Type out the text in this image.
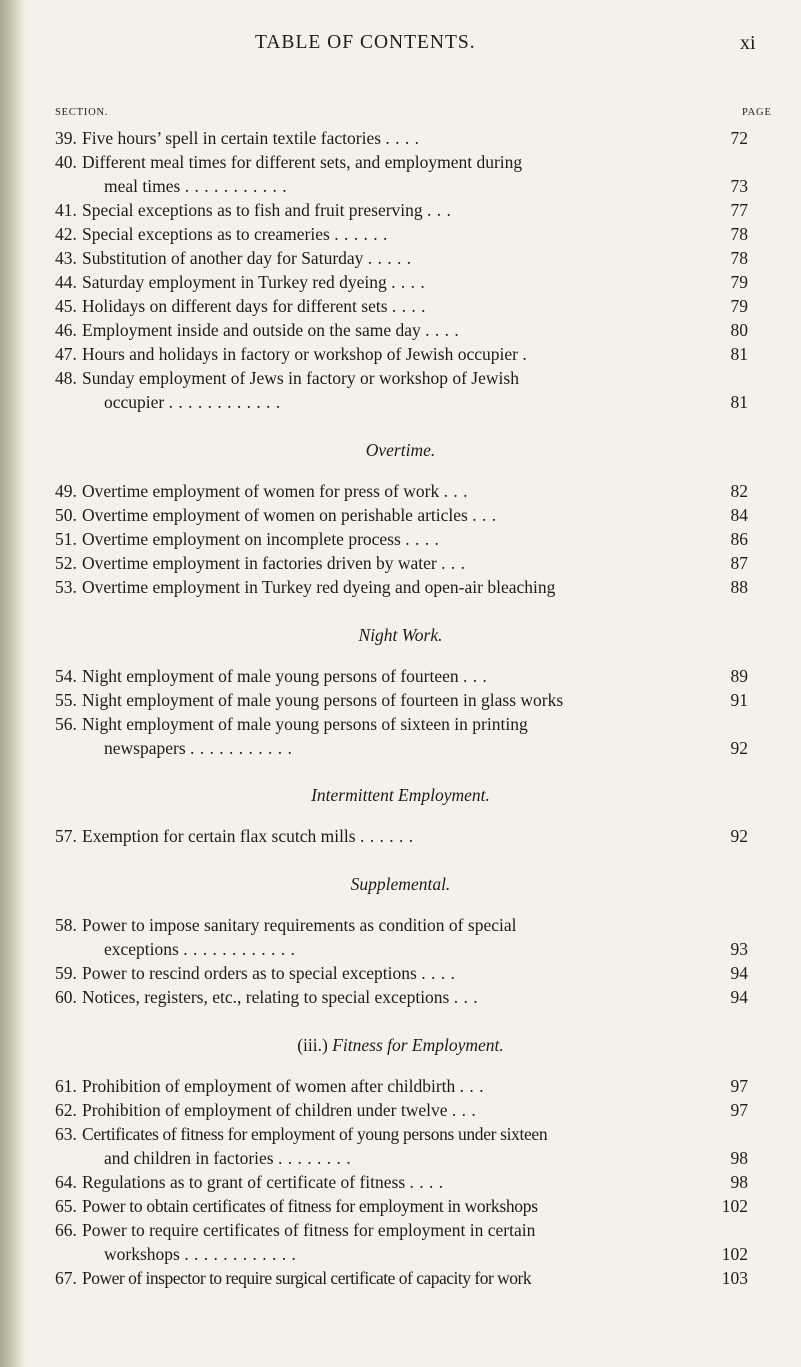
TABLE OF CONTENTS.	xi
SECTION.	PAGE
39. Five hours’ spell in certain textile factories . . . .	72
40. Different meal times for different sets, and employment during
meal times . . . . . . . . . . .	73
41. Special exceptions as to fish and fruit preserving . . .	77
42. Special exceptions as to creameries . . . . . .	78
43. Substitution of another day for Saturday . . . . .	78
44. Saturday employment in Turkey red dyeing . . . .	79
45. Holidays on different days for different sets . . . .	79
46. Employment inside and outside on the same day . . . .	80
47. Hours and holidays in factory or workshop of Jewish occupier .	81
48. Sunday employment of Jews in factory or workshop of Jewish
occupier . . . . . . . . . . . .	81
Overtime.
49. Overtime employment of women for press of work . . .	82
50. Overtime employment of women on perishable articles . . .	84
51. Overtime employment on incomplete process . . . .	86
52. Overtime employment in factories driven by water . . .	87
53. Overtime employment in Turkey red dyeing and open-air bleaching	88
Night Work.
54. Night employment of male young persons of fourteen . . .	89
55. Night employment of male young persons of fourteen in glass works	91
56. Night employment of male young persons of sixteen in printing
newspapers . . . . . . . . . . .	92
Intermittent Employment.
57. Exemption for certain flax scutch mills . . . . . .	92
Supplemental.
58. Power to impose sanitary requirements as condition of special
exceptions . . . . . . . . . . . .	93
59. Power to rescind orders as to special exceptions . . . .	94
60. Notices, registers, etc., relating to special exceptions . . .	94
(iii.) Fitness for Employment.
61. Prohibition of employment of women after childbirth . . .	97
62. Prohibition of employment of children under twelve . . .	97
63. Certificates of fitness for employment of young persons under sixteen
and children in factories . . . . . . . .	98
64. Regulations as to grant of certificate of fitness . . . .	98
65. Power to obtain certificates of fitness for employment in workshops	102
66. Power to require certificates of fitness for employment in certain
workshops . . . . . . . . . . . .	102
67. Power of inspector to require surgical certificate of capacity for work	103
